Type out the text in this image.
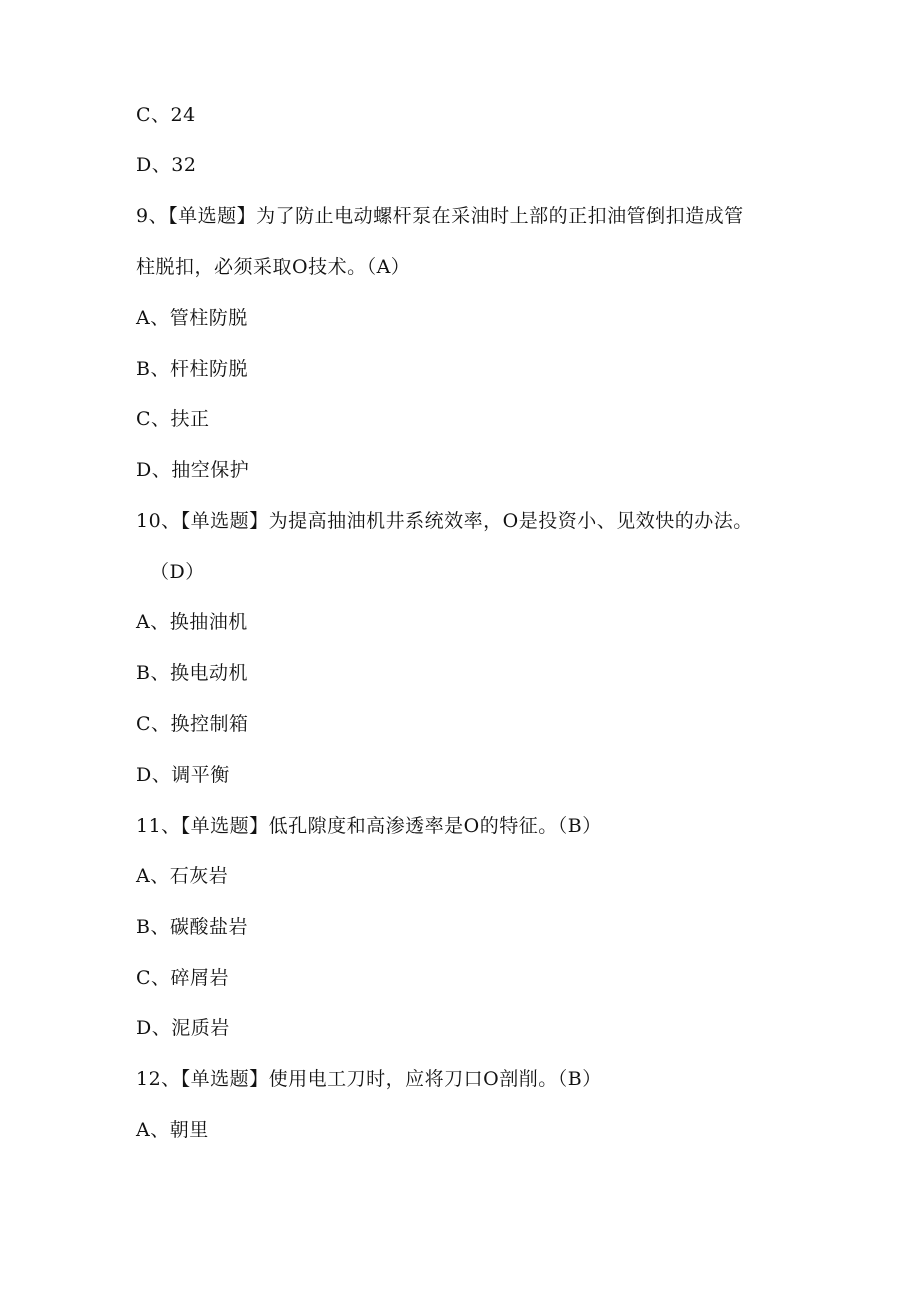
C、24
D、32
9、【单选题】为了防止电动螺杆泵在采油时上部的正扣油管倒扣造成管
柱脱扣，必须采取O技术。（A）
A、管柱防脱
B、杆柱防脱
C、扶正
D、抽空保护
10、【单选题】为提高抽油机井系统效率，O是投资小、见效快的办法。
（D）
A、换抽油机
B、换电动机
C、换控制箱
D、调平衡
11、【单选题】低孔隙度和高渗透率是O的特征。（B）
A、石灰岩
B、碳酸盐岩
C、碎屑岩
D、泥质岩
12、【单选题】使用电工刀时，应将刀口O剖削。（B）
A、朝里
